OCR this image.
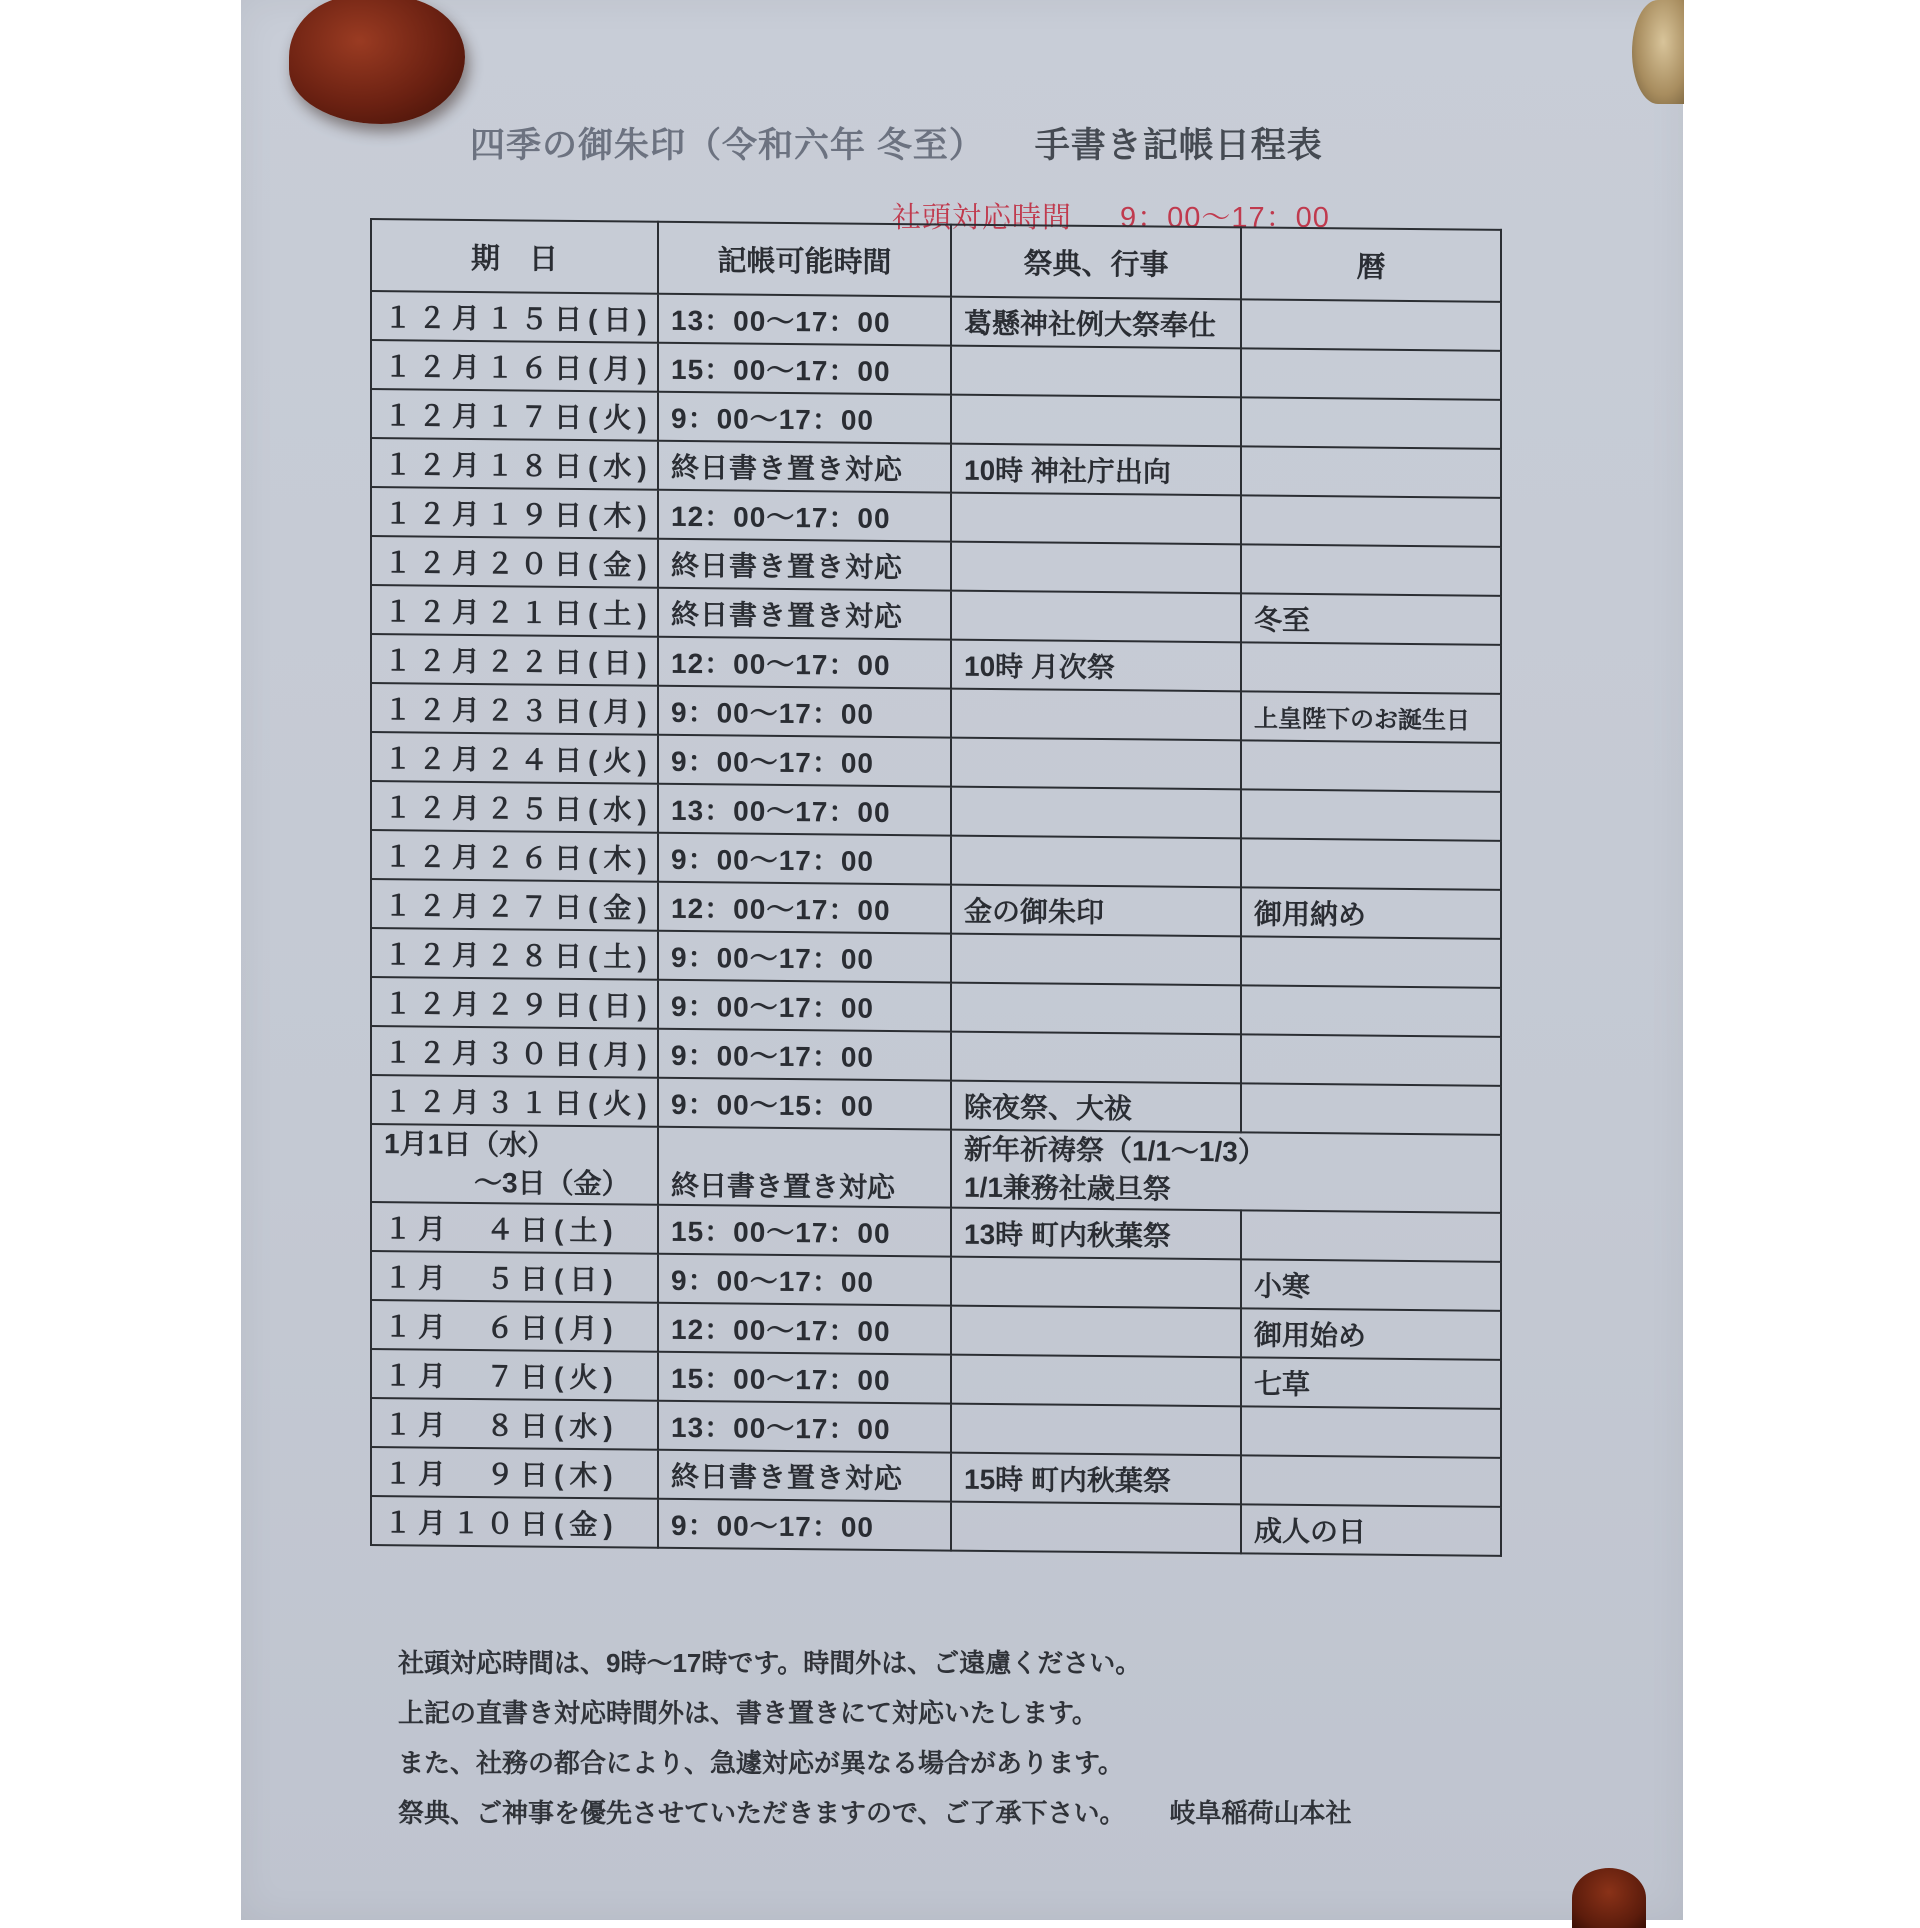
四季の御朱印（令和六年 冬至） 手書き記帳日程表
社頭対応時間 9：00〜17：00
期　日	記帳可能時間	祭典、行事	暦
１２月１５日(日)	13：00〜17：00	葛懸神社例大祭奉仕	
１２月１６日(月)	15：00〜17：00		
１２月１７日(火)	9：00〜17：00		
１２月１８日(水)	終日書き置き対応	10時 神社庁出向	
１２月１９日(木)	12：00〜17：00		
１２月２０日(金)	終日書き置き対応		
１２月２１日(土)	終日書き置き対応		冬至
１２月２２日(日)	12：00〜17：00	10時 月次祭	
１２月２３日(月)	9：00〜17：00		上皇陛下のお誕生日
１２月２４日(火)	9：00〜17：00		
１２月２５日(水)	13：00〜17：00		
１２月２６日(木)	9：00〜17：00		
１２月２７日(金)	12：00〜17：00	金の御朱印	御用納め
１２月２８日(土)	9：00〜17：00		
１２月２９日(日)	9：00〜17：00		
１２月３０日(月)	9：00〜17：00		
１２月３１日(火)	9：00〜15：00	除夜祭、大祓	

1月1日（水）
〜3日（金）	終日書き置き対応	新年祈祷祭（1/1〜1/3）
1/1兼務社歳旦祭	

１月　４日(土)	15：00〜17：00	13時 町内秋葉祭	
１月　５日(日)	9：00〜17：00		小寒
１月　６日(月)	12：00〜17：00		御用始め
１月　７日(火)	15：00〜17：00		七草
１月　８日(水)	13：00〜17：00		
１月　９日(木)	終日書き置き対応	15時 町内秋葉祭	
１月１０日(金)	9：00〜17：00		成人の日
社頭対応時間は、9時〜17時です。時間外は、ご遠慮ください。
上記の直書き対応時間外は、書き置きにて対応いたします。
また、社務の都合により、急遽対応が異なる場合があります。
祭典、ご神事を優先させていただきますので、ご了承下さい。 岐阜稲荷山本社
